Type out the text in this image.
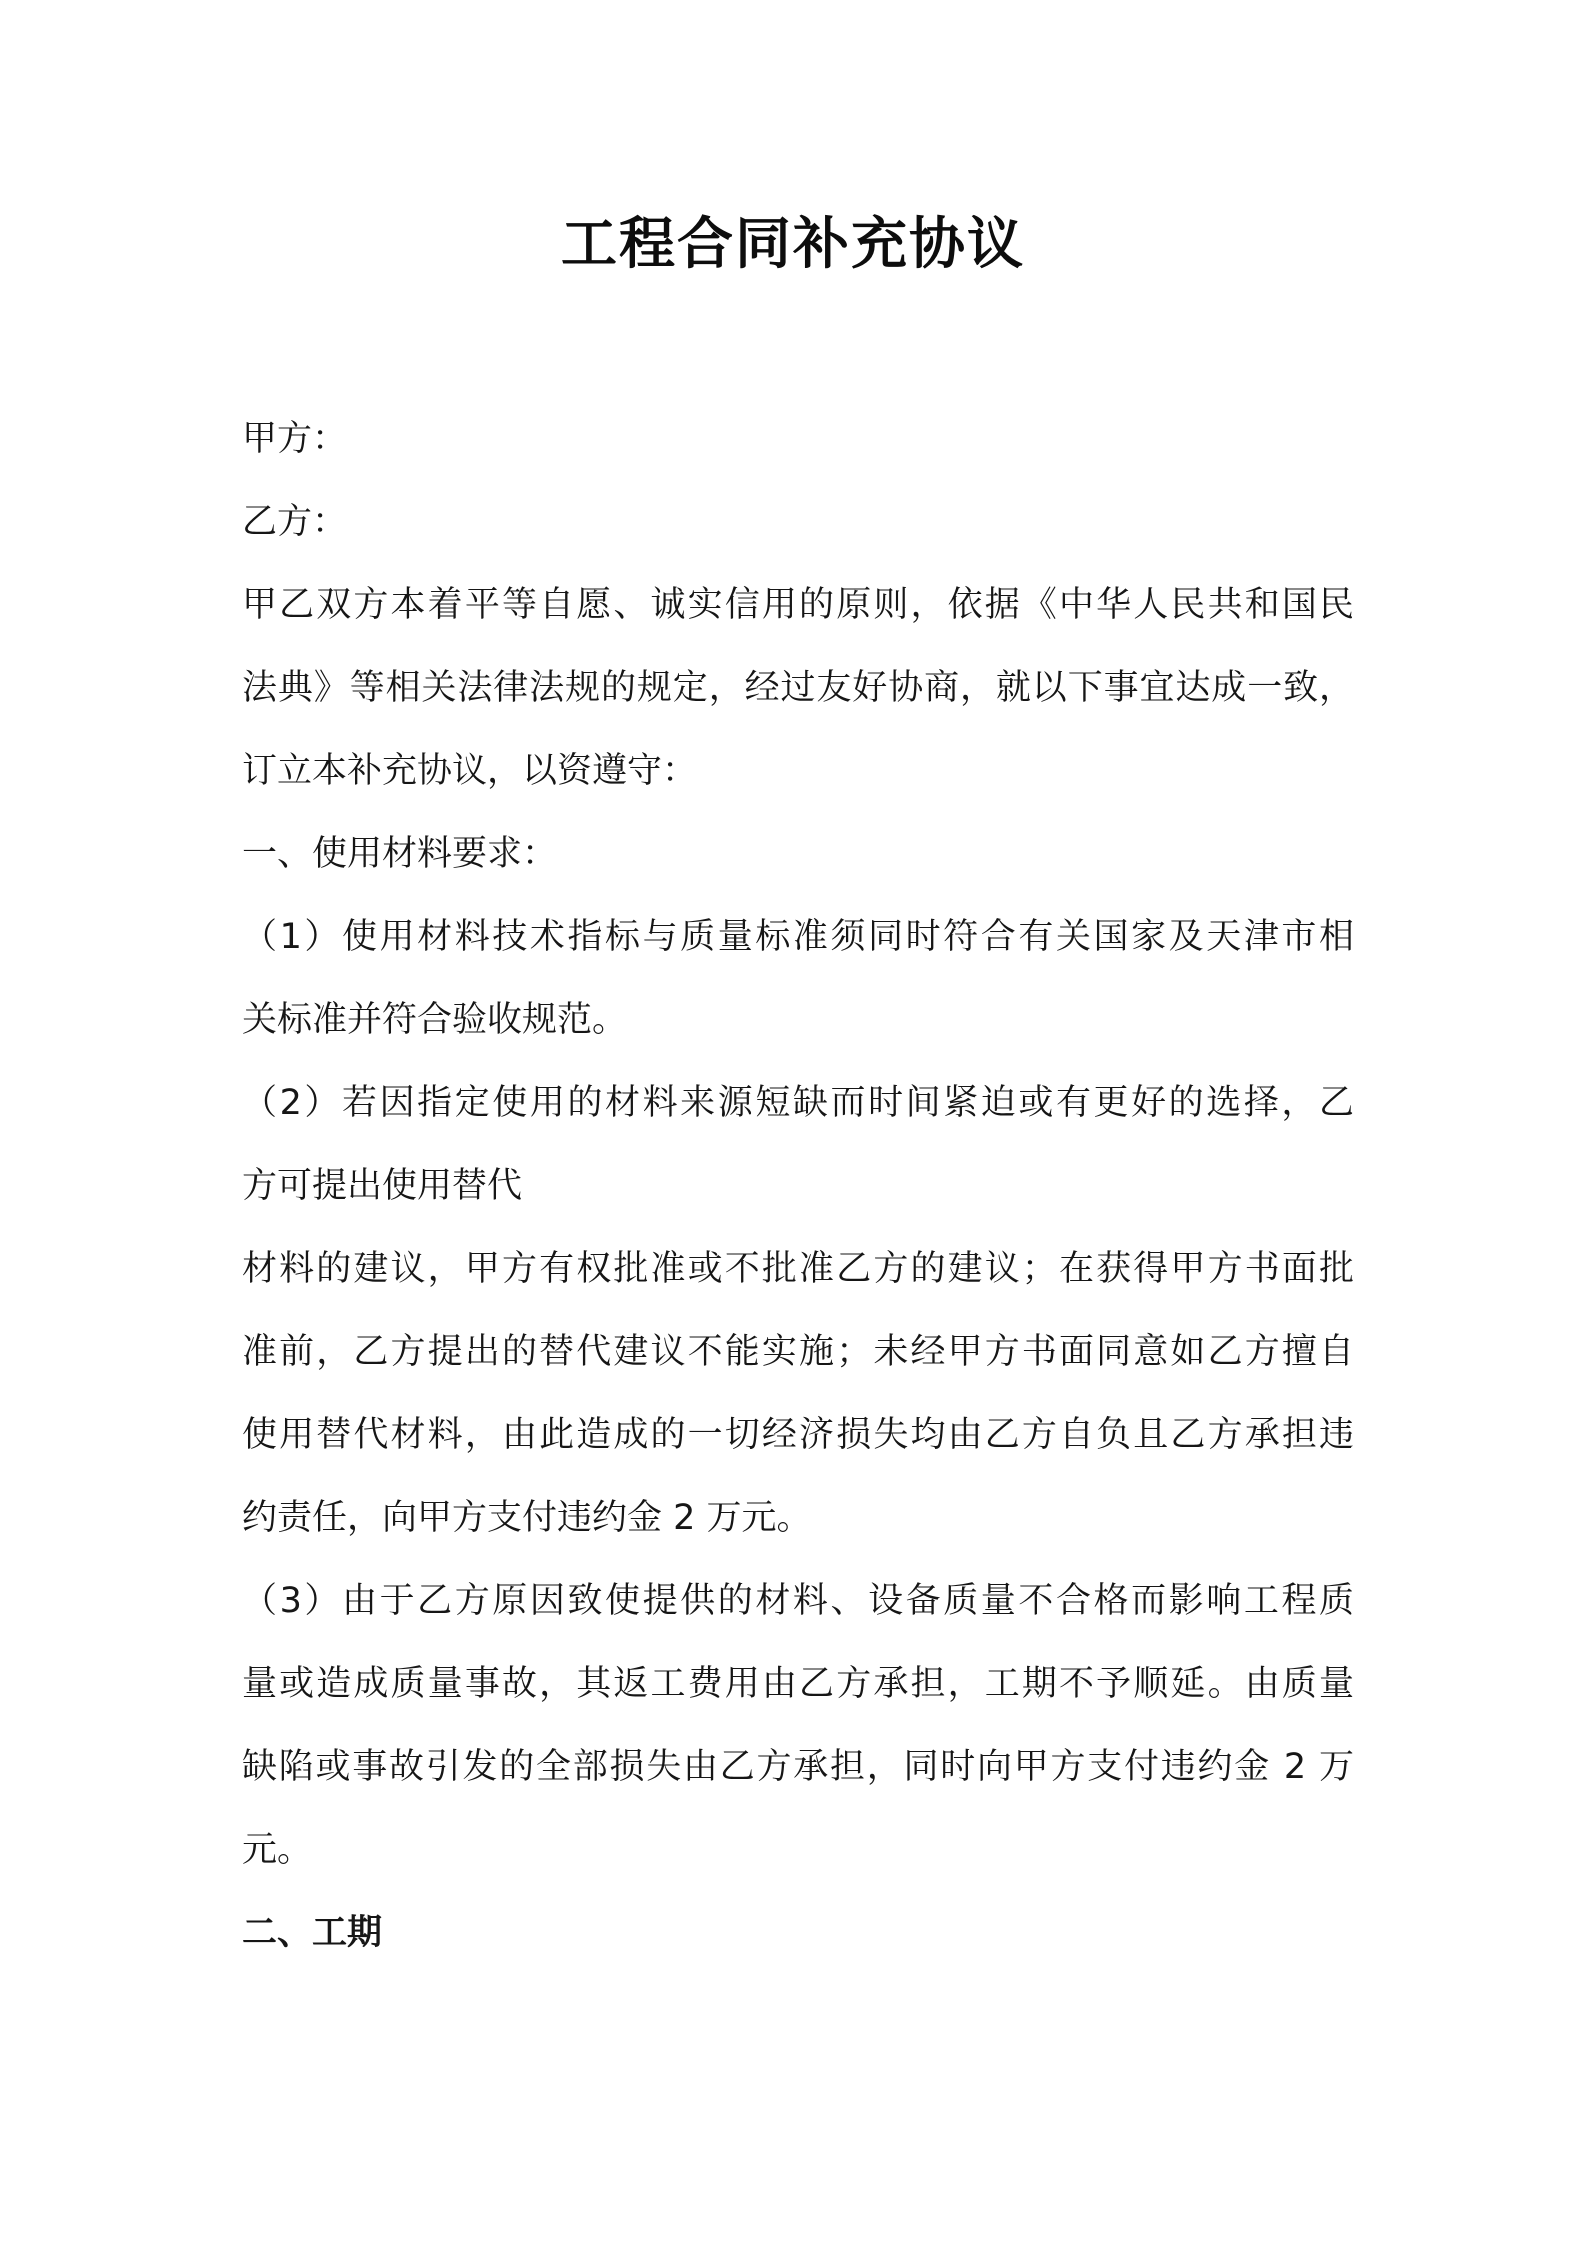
工程合同补充协议
甲方：
乙方：
甲乙双方本着平等自愿、诚实信用的原则，依据《中华人民共和国民
法典》等相关法律法规的规定，经过友好协商，就以下事宜达成一致，
订立本补充协议，以资遵守：
一、使用材料要求：
（1）使用材料技术指标与质量标准须同时符合有关国家及天津市相
关标准并符合验收规范。
（2）若因指定使用的材料来源短缺而时间紧迫或有更好的选择，乙
方可提出使用替代
材料的建议，甲方有权批准或不批准乙方的建议；在获得甲方书面批
准前，乙方提出的替代建议不能实施；未经甲方书面同意如乙方擅自
使用替代材料，由此造成的一切经济损失均由乙方自负且乙方承担违
约责任，向甲方支付违约金 2 万元。
（3）由于乙方原因致使提供的材料、设备质量不合格而影响工程质
量或造成质量事故，其返工费用由乙方承担，工期不予顺延。由质量
缺陷或事故引发的全部损失由乙方承担，同时向甲方支付违约金 2 万
元。
二、工期
